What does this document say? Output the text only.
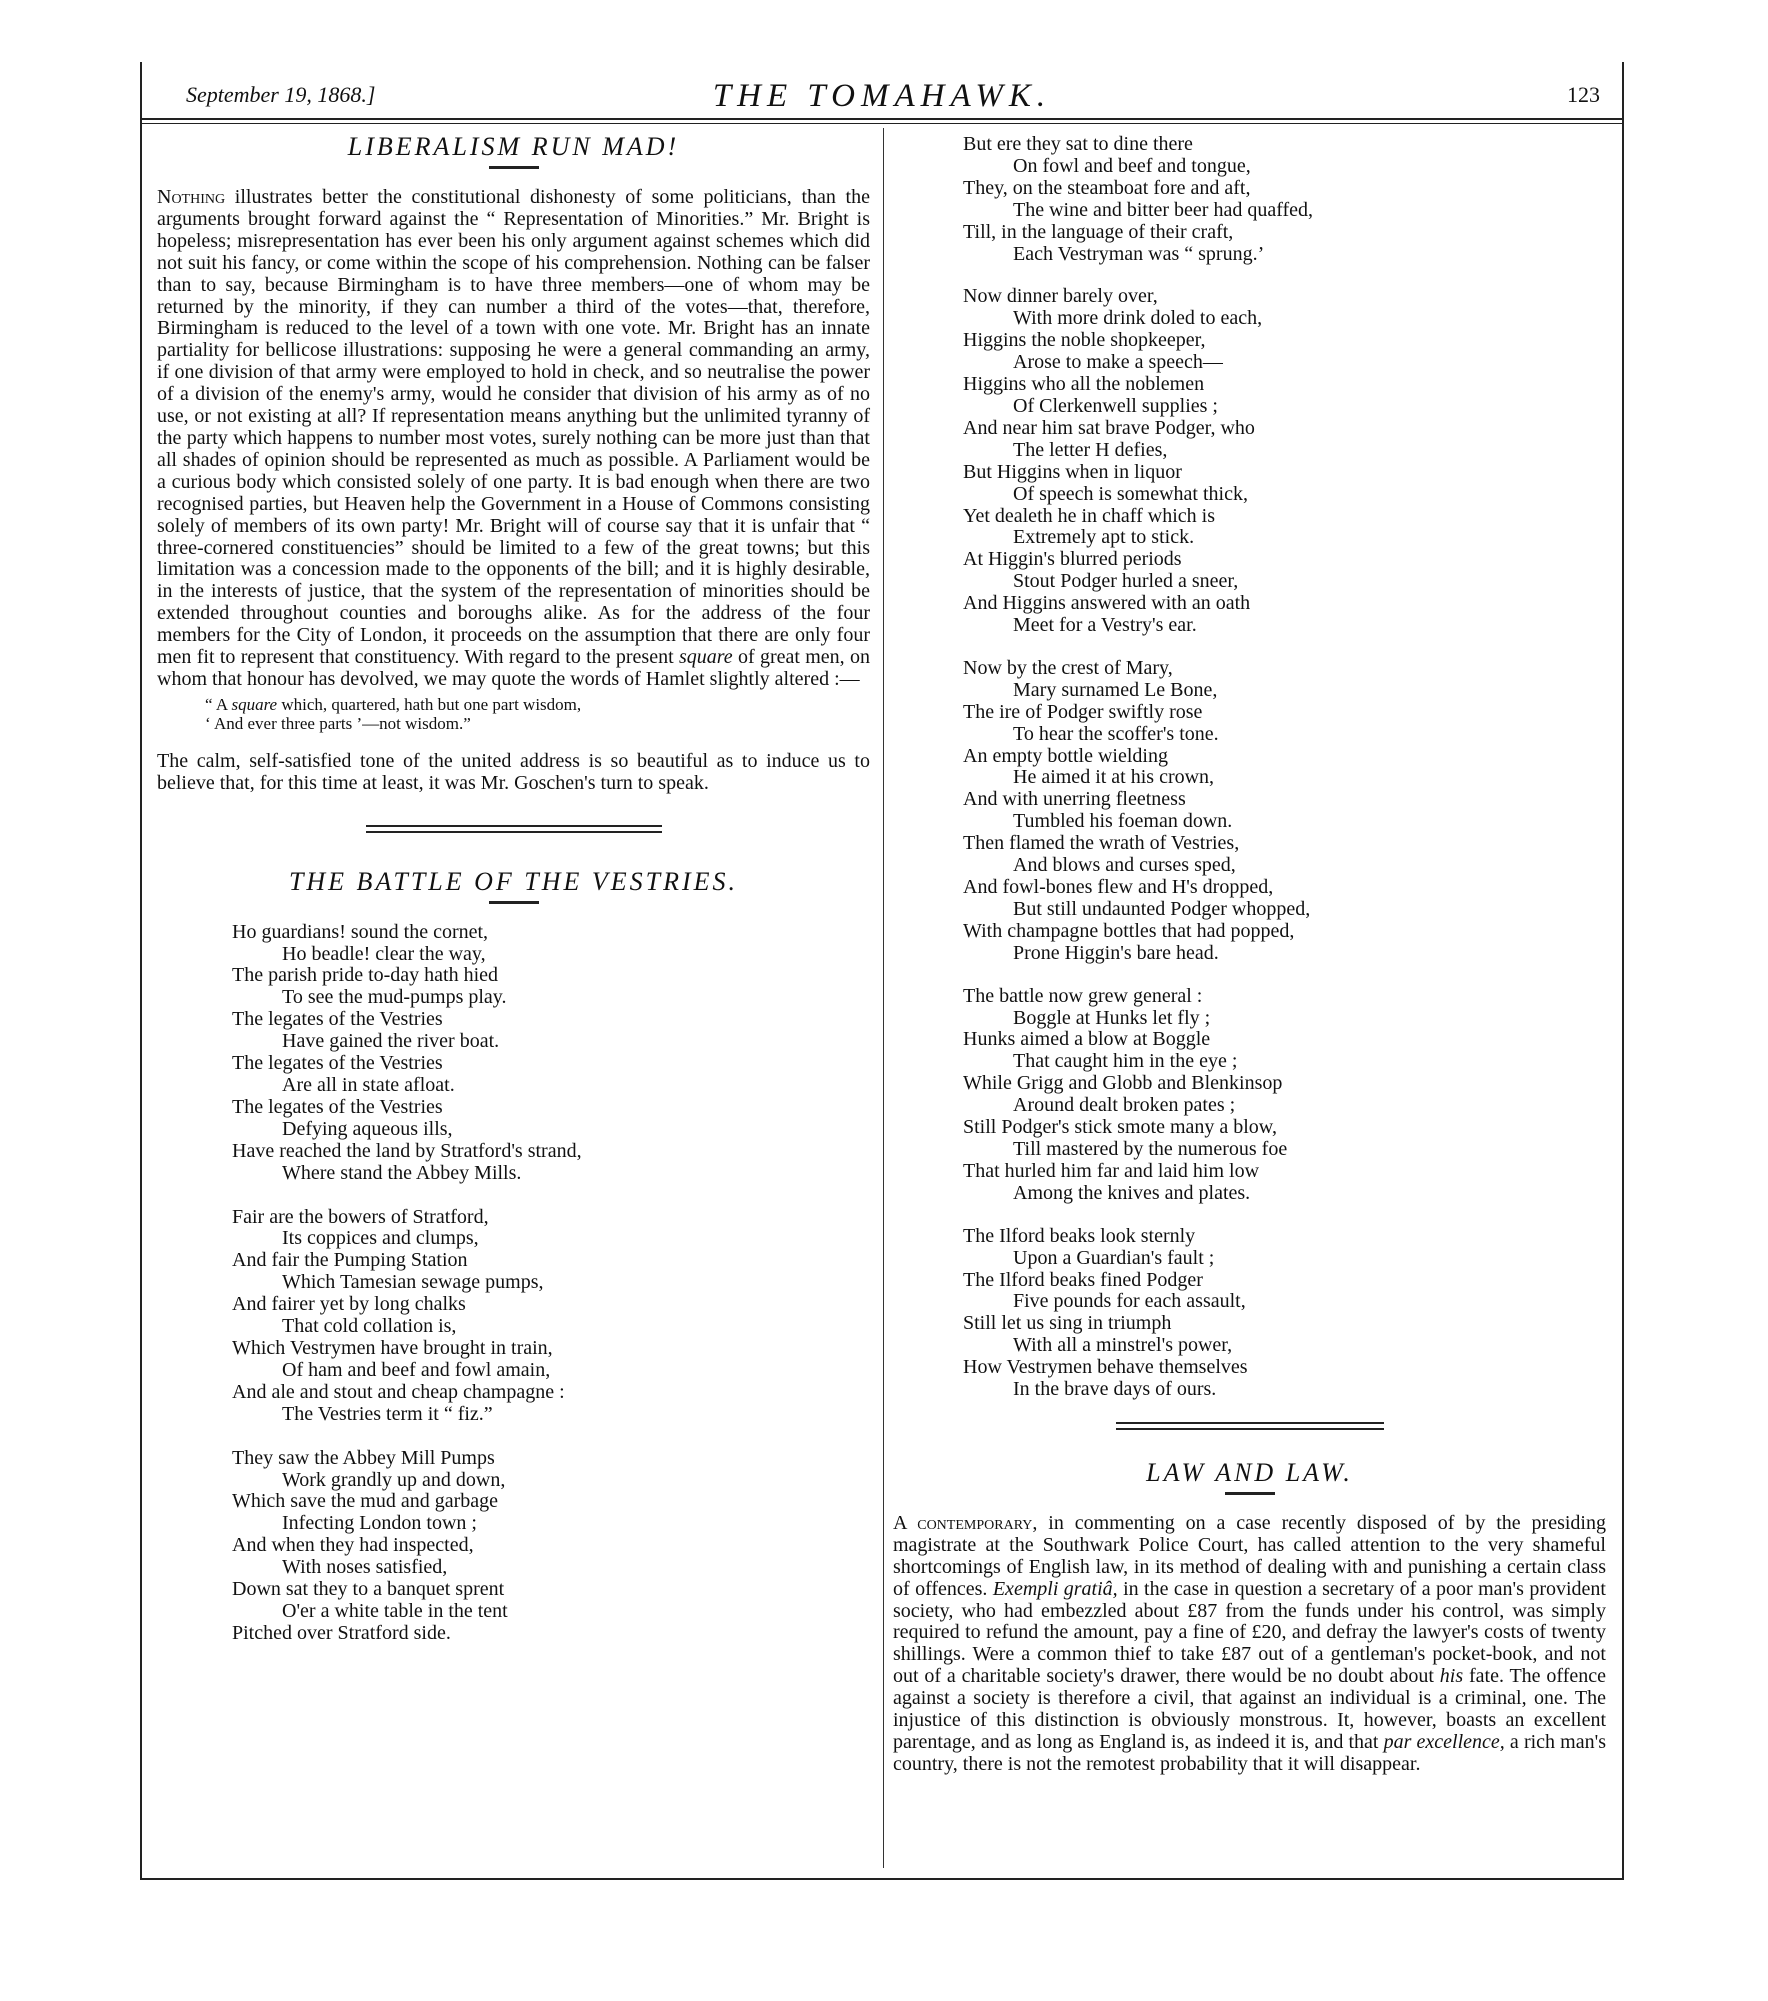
September 19, 1868.]	THE TOMAHAWK.	123
LIBERALISM RUN MAD!

Nothing illustrates better the constitutional dishonesty of some politicians, than the arguments brought forward against the “ Representation of Minorities.” Mr. Bright is hopeless; misrepresentation has ever been his only argument against schemes which did not suit his fancy, or come within the scope of his comprehension. Nothing can be falser than to say, because Birmingham is to have three members—one of whom may be returned by the minority, if they can number a third of the votes—that, therefore, Birmingham is reduced to the level of a town with one vote. Mr. Bright has an innate partiality for bellicose illustrations: supposing he were a general commanding an army, if one division of that army were employed to hold in check, and so neutralise the power of a division of the enemy's army, would he consider that division of his army as of no use, or not existing at all? If representation means anything but the unlimited tyranny of the party which happens to number most votes, surely nothing can be more just than that all shades of opinion should be represented as much as possible. A Parliament would be a curious body which consisted solely of one party. It is bad enough when there are two recognised parties, but Heaven help the Government in a House of Commons consisting solely of members of its own party! Mr. Bright will of course say that it is unfair that “ three-cornered constituencies” should be limited to a few of the great towns; but this limitation was a concession made to the opponents of the bill; and it is highly desirable, in the interests of justice, that the system of the representation of minorities should be extended throughout counties and boroughs alike. As for the address of the four members for the City of London, it proceeds on the assumption that there are only four men fit to represent that constituency. With regard to the present square of great men, on whom that honour has devolved, we may quote the words of Hamlet slightly altered :—

“ A square which, quartered, hath but one part wisdom,
‘ And ever three parts ’—not wisdom.”

The calm, self-satisfied tone of the united address is so beautiful as to induce us to believe that, for this time at least, it was Mr. Goschen's turn to speak.

THE BATTLE OF THE VESTRIES.
Ho guardians! sound the cornet,
Ho beadle! clear the way,
The parish pride to-day hath hied
To see the mud-pumps play.
The legates of the Vestries
Have gained the river boat.
The legates of the Vestries
Are all in state afloat.
The legates of the Vestries
Defying aqueous ills,
Have reached the land by Stratford's strand,
Where stand the Abbey Mills.
Fair are the bowers of Stratford,
Its coppices and clumps,
And fair the Pumping Station
Which Tamesian sewage pumps,
And fairer yet by long chalks
That cold collation is,
Which Vestrymen have brought in train,
Of ham and beef and fowl amain,
And ale and stout and cheap champagne :
The Vestries term it “ fiz.”
They saw the Abbey Mill Pumps
Work grandly up and down,
Which save the mud and garbage
Infecting London town ;
And when they had inspected,
With noses satisfied,
Down sat they to a banquet sprent
O'er a white table in the tent
Pitched over Stratford side.
But ere they sat to dine there
On fowl and beef and tongue,
They, on the steamboat fore and aft,
The wine and bitter beer had quaffed,
Till, in the language of their craft,
Each Vestryman was “ sprung.’
Now dinner barely over,
With more drink doled to each,
Higgins the noble shopkeeper,
Arose to make a speech—
Higgins who all the noblemen
Of Clerkenwell supplies ;
And near him sat brave Podger, who
The letter H defies,
But Higgins when in liquor
Of speech is somewhat thick,
Yet dealeth he in chaff which is
Extremely apt to stick.
At Higgin's blurred periods
Stout Podger hurled a sneer,
And Higgins answered with an oath
Meet for a Vestry's ear.
Now by the crest of Mary,
Mary surnamed Le Bone,
The ire of Podger swiftly rose
To hear the scoffer's tone.
An empty bottle wielding
He aimed it at his crown,
And with unerring fleetness
Tumbled his foeman down.
Then flamed the wrath of Vestries,
And blows and curses sped,
And fowl-bones flew and H's dropped,
But still undaunted Podger whopped,
With champagne bottles that had popped,
Prone Higgin's bare head.
The battle now grew general :
Boggle at Hunks let fly ;
Hunks aimed a blow at Boggle
That caught him in the eye ;
While Grigg and Globb and Blenkinsop
Around dealt broken pates ;
Still Podger's stick smote many a blow,
Till mastered by the numerous foe
That hurled him far and laid him low
Among the knives and plates.
The Ilford beaks look sternly
Upon a Guardian's fault ;
The Ilford beaks fined Podger
Five pounds for each assault,
Still let us sing in triumph
With all a minstrel's power,
How Vestrymen behave themselves
In the brave days of ours.
LAW AND LAW.

A contemporary, in commenting on a case recently disposed of by the presiding magistrate at the Southwark Police Court, has called attention to the very shameful shortcomings of English law, in its method of dealing with and punishing a certain class of offences. Exempli gratiâ, in the case in question a secretary of a poor man's provident society, who had embezzled about £87 from the funds under his control, was simply required to refund the amount, pay a fine of £20, and defray the lawyer's costs of twenty shillings. Were a common thief to take £87 out of a gentleman's pocket-book, and not out of a charitable society's drawer, there would be no doubt about his fate. The offence against a society is therefore a civil, that against an individual is a criminal, one. The injustice of this distinction is obviously monstrous. It, however, boasts an excellent parentage, and as long as England is, as indeed it is, and that par excellence, a rich man's country, there is not the remotest probability that it will disappear.
